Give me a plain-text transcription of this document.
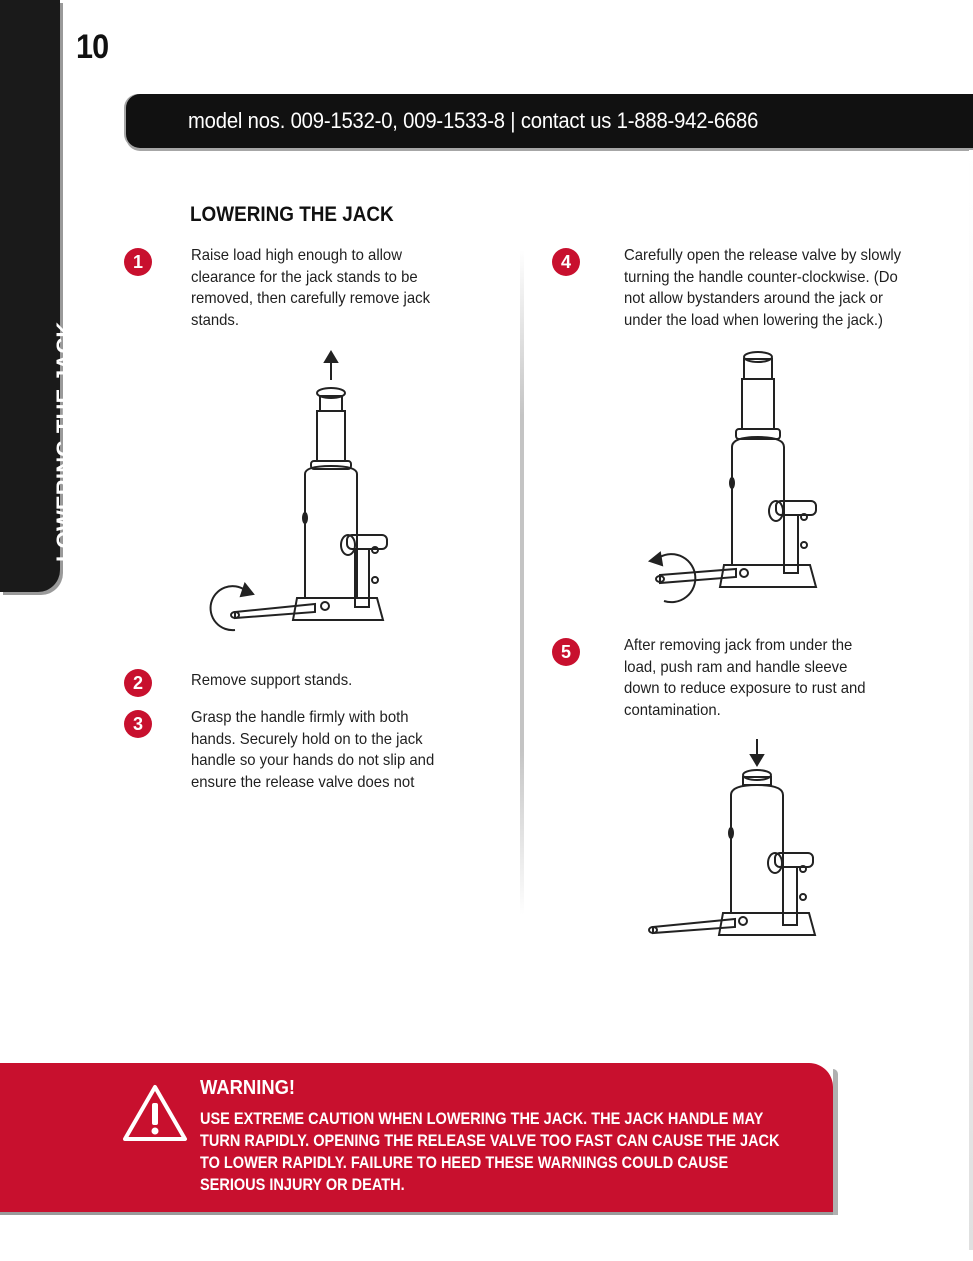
10
LOWERING THE JACK
model nos. 009-1532-0, 009-1533-8 | contact us 1-888-942-6686
LOWERING THE JACK
1	Raise load high enough to allow clearance for the jack stands to be removed, then carefully remove jack stands.
2	Remove support stands.
3	Grasp the handle firmly with both hands. Securely hold on to the jack handle so your hands do not slip and ensure the release valve does not
4	Carefully open the release valve by slowly turning the handle counter-clockwise. (Do not allow bystanders around the jack or under the load when lowering the jack.)
5	After removing jack from under the load, push ram and handle sleeve down to reduce exposure to rust and contamination.
WARNING!
USE EXTREME CAUTION WHEN LOWERING THE JACK. THE JACK HANDLE MAY TURN RAPIDLY. OPENING THE RELEASE VALVE TOO FAST CAN CAUSE THE JACK TO LOWER RAPIDLY. FAILURE TO HEED THESE WARNINGS COULD CAUSE SERIOUS INJURY OR DEATH.
